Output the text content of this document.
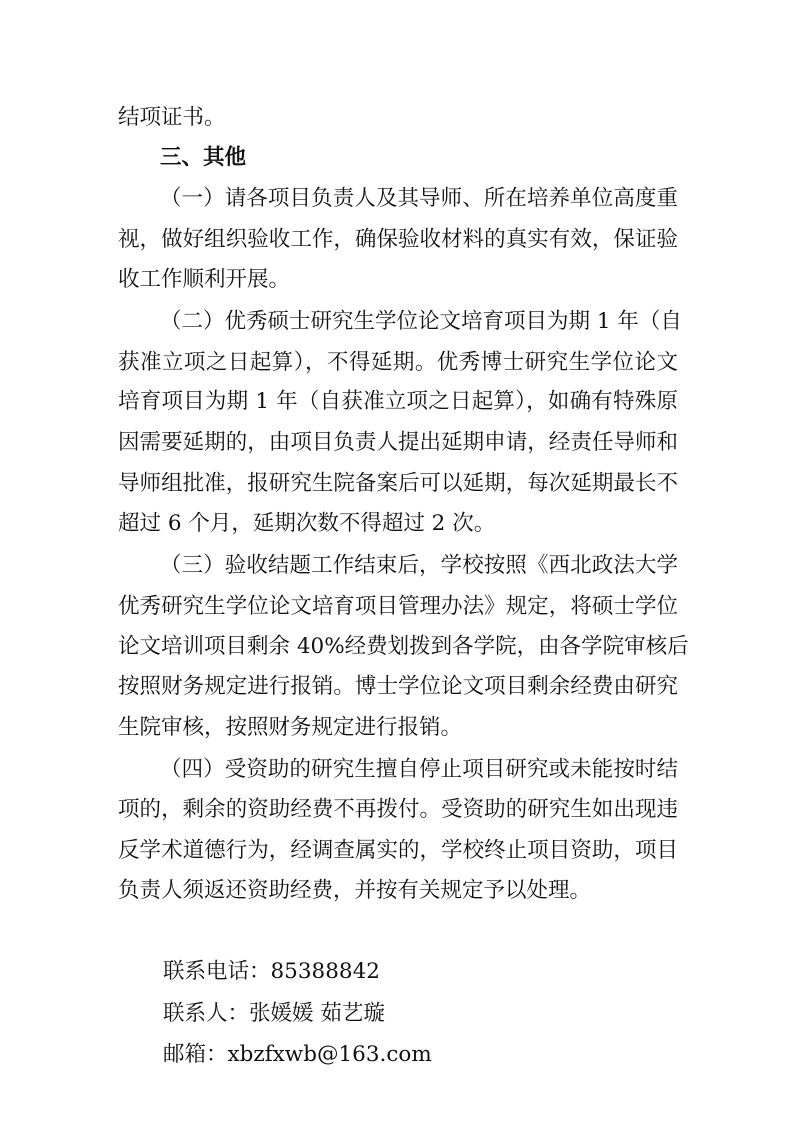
结项证书。
三、其他
（一）请各项目负责人及其导师、所在培养单位高度重
视，做好组织验收工作，确保验收材料的真实有效，保证验
收工作顺利开展。
（二）优秀硕士研究生学位论文培育项目为期 1 年（自
获准立项之日起算），不得延期。优秀博士研究生学位论文
培育项目为期 1 年（自获准立项之日起算），如确有特殊原
因需要延期的，由项目负责人提出延期申请，经责任导师和
导师组批准，报研究生院备案后可以延期，每次延期最长不
超过 6 个月，延期次数不得超过 2 次。
（三）验收结题工作结束后，学校按照《西北政法大学
优秀研究生学位论文培育项目管理办法》规定，将硕士学位
论文培训项目剩余 40%经费划拨到各学院，由各学院审核后
按照财务规定进行报销。博士学位论文项目剩余经费由研究
生院审核，按照财务规定进行报销。
（四）受资助的研究生擅自停止项目研究或未能按时结
项的，剩余的资助经费不再拨付。受资助的研究生如出现违
反学术道德行为，经调查属实的，学校终止项目资助，项目
负责人须返还资助经费，并按有关规定予以处理。
联系电话：85388842
联系人：张媛媛 茹艺璇
邮箱：xbzfxwb@163.com
